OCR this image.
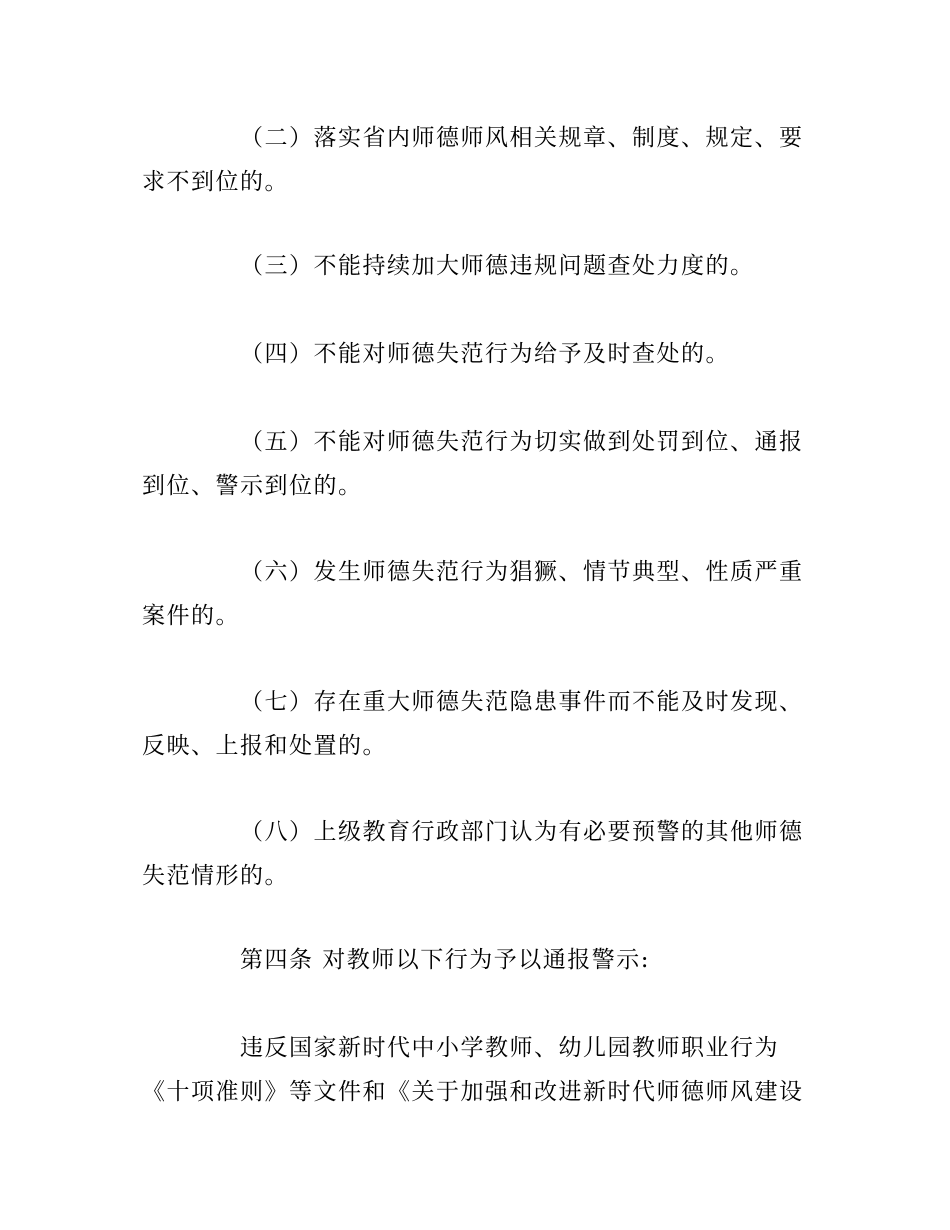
（二）落实省内师德师风相关规章、制度、规定、要求不到位的。

（三）不能持续加大师德违规问题查处力度的。

（四）不能对师德失范行为给予及时查处的。

（五）不能对师德失范行为切实做到处罚到位、通报到位、警示到位的。

（六）发生师德失范行为猖獗、情节典型、性质严重案件的。

（七）存在重大师德失范隐患事件而不能及时发现、反映、上报和处置的。

（八）上级教育行政部门认为有必要预警的其他师德失范情形的。

第四条 对教师以下行为予以通报警示:

违反国家新时代中小学教师、幼儿园教师职业行为《十项准则》等文件和《关于加强和改进新时代师德师风建设
